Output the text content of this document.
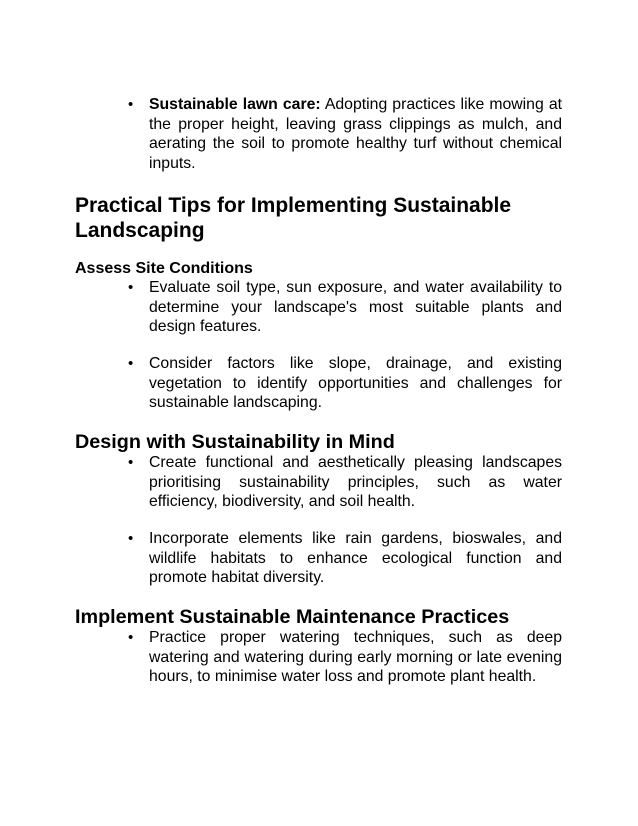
• Sustainable lawn care: Adopting practices like mowing at the proper height, leaving grass clippings as mulch, and aerating the soil to promote healthy turf without chemical inputs.
Practical Tips for Implementing Sustainable Landscaping
Assess Site Conditions
• Evaluate soil type, sun exposure, and water availability to determine your landscape's most suitable plants and design features.
• Consider factors like slope, drainage, and existing vegetation to identify opportunities and challenges for sustainable landscaping.
Design with Sustainability in Mind
• Create functional and aesthetically pleasing landscapes prioritising sustainability principles, such as water efficiency, biodiversity, and soil health.
• Incorporate elements like rain gardens, bioswales, and wildlife habitats to enhance ecological function and promote habitat diversity.
Implement Sustainable Maintenance Practices
• Practice proper watering techniques, such as deep watering and watering during early morning or late evening hours, to minimise water loss and promote plant health.
